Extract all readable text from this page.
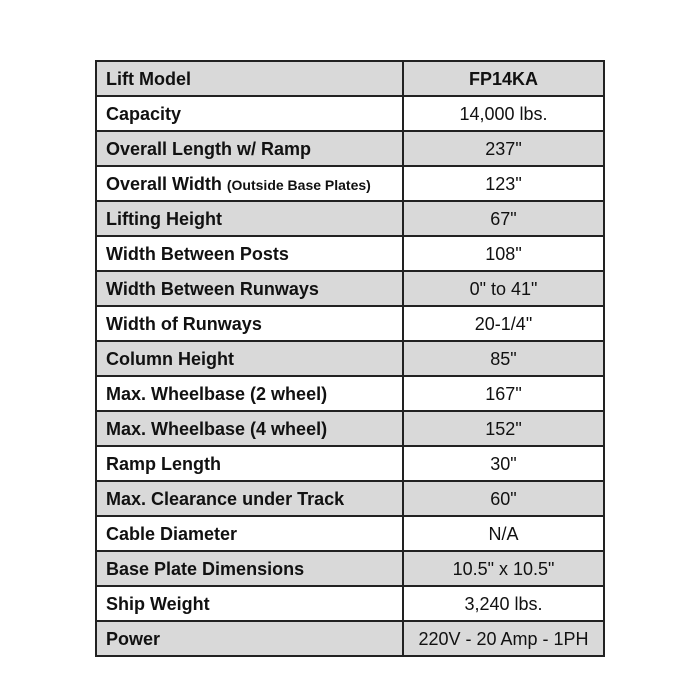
Lift Model	FP14KA
Capacity	14,000 lbs.
Overall Length w/ Ramp	237"
Overall Width (Outside Base Plates)	123"
Lifting Height	67"
Width Between Posts	108"
Width Between Runways	0" to 41"
Width of Runways	20-1/4"
Column Height	85"
Max. Wheelbase (2 wheel)	167"
Max. Wheelbase (4 wheel)	152"
Ramp Length	30"
Max. Clearance under Track	60"
Cable Diameter	N/A
Base Plate Dimensions	10.5" x 10.5"
Ship Weight	3,240 lbs.
Power	220V - 20 Amp - 1PH
